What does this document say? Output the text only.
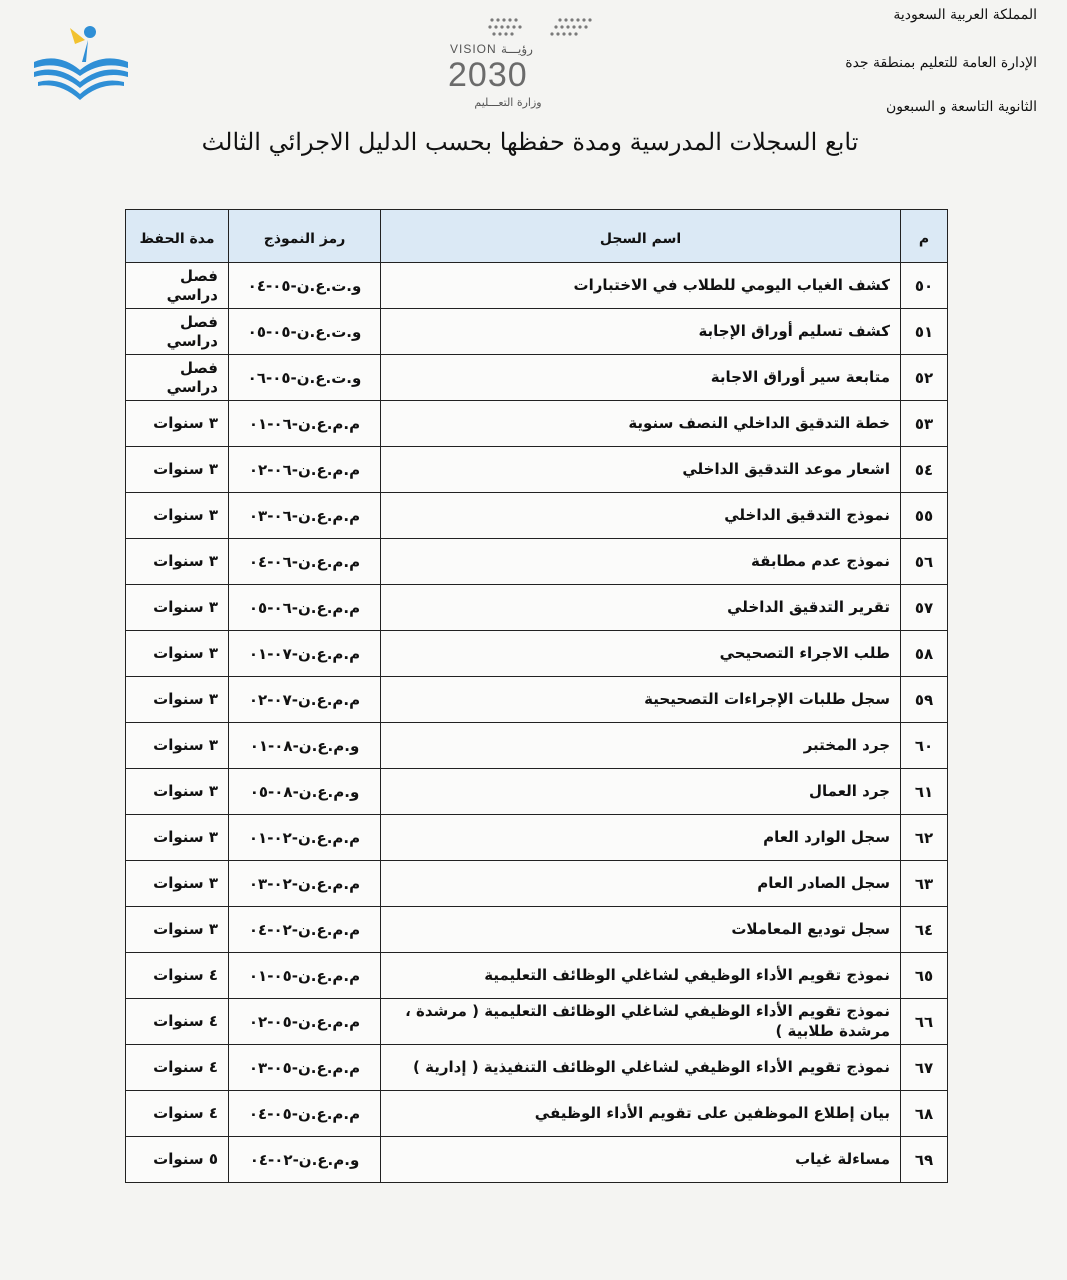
المملكة العربية السعودية
الإدارة العامة للتعليم بمنطقة جدة
الثانوية التاسعة و السبعون
VISION رؤيـــة
2030
وزارة التعـــليم
تابع السجلات المدرسية ومدة حفظها بحسب الدليل الاجرائي الثالث
م	اسم السجل	رمز النموذج	مدة الحفظ
٥٠	كشف الغياب اليومي للطلاب في الاختبارات	و.ت.ع.ن-٠٥-٠٤	فصل دراسي
٥١	كشف تسليم أوراق الإجابة	و.ت.ع.ن-٠٥-٠٥	فصل دراسي
٥٢	متابعة سير أوراق الاجابة	و.ت.ع.ن-٠٥-٠٦	فصل دراسي
٥٣	خطة التدقيق الداخلي النصف سنوية	م.م.ع.ن-٠٦-٠١	٣ سنوات
٥٤	اشعار موعد التدقيق الداخلي	م.م.ع.ن-٠٦-٠٢	٣ سنوات
٥٥	نموذج التدقيق الداخلي	م.م.ع.ن-٠٦-٠٣	٣ سنوات
٥٦	نموذج عدم مطابقة	م.م.ع.ن-٠٦-٠٤	٣ سنوات
٥٧	تقرير التدقيق الداخلي	م.م.ع.ن-٠٦-٠٥	٣ سنوات
٥٨	طلب الاجراء التصحيحي	م.م.ع.ن-٠٧-٠١	٣ سنوات
٥٩	سجل طلبات الإجراءات التصحيحية	م.م.ع.ن-٠٧-٠٢	٣ سنوات
٦٠	جرد المختبر	و.م.ع.ن-٠٨-٠١	٣ سنوات
٦١	جرد العمال	و.م.ع.ن-٠٨-٠٥	٣ سنوات
٦٢	سجل الوارد العام	م.م.ع.ن-٠٢-٠١	٣ سنوات
٦٣	سجل الصادر العام	م.م.ع.ن-٠٢-٠٣	٣ سنوات
٦٤	سجل توديع المعاملات	م.م.ع.ن-٠٢-٠٤	٣ سنوات
٦٥	نموذج تقويم الأداء الوظيفي لشاغلي الوظائف التعليمية	م.م.ع.ن-٠٥-٠١	٤ سنوات
٦٦	نموذج تقويم الأداء الوظيفي لشاغلي الوظائف التعليمية ( مرشدة ، مرشدة طلابية )	م.م.ع.ن-٠٥-٠٢	٤ سنوات
٦٧	نموذج تقويم الأداء الوظيفي لشاغلي الوظائف التنفيذية ( إدارية )	م.م.ع.ن-٠٥-٠٣	٤ سنوات
٦٨	بيان إطلاع الموظفين على تقويم الأداء الوظيفي	م.م.ع.ن-٠٥-٠٤	٤ سنوات
٦٩	مساءلة غياب	و.م.ع.ن-٠٢-٠٤	٥ سنوات
